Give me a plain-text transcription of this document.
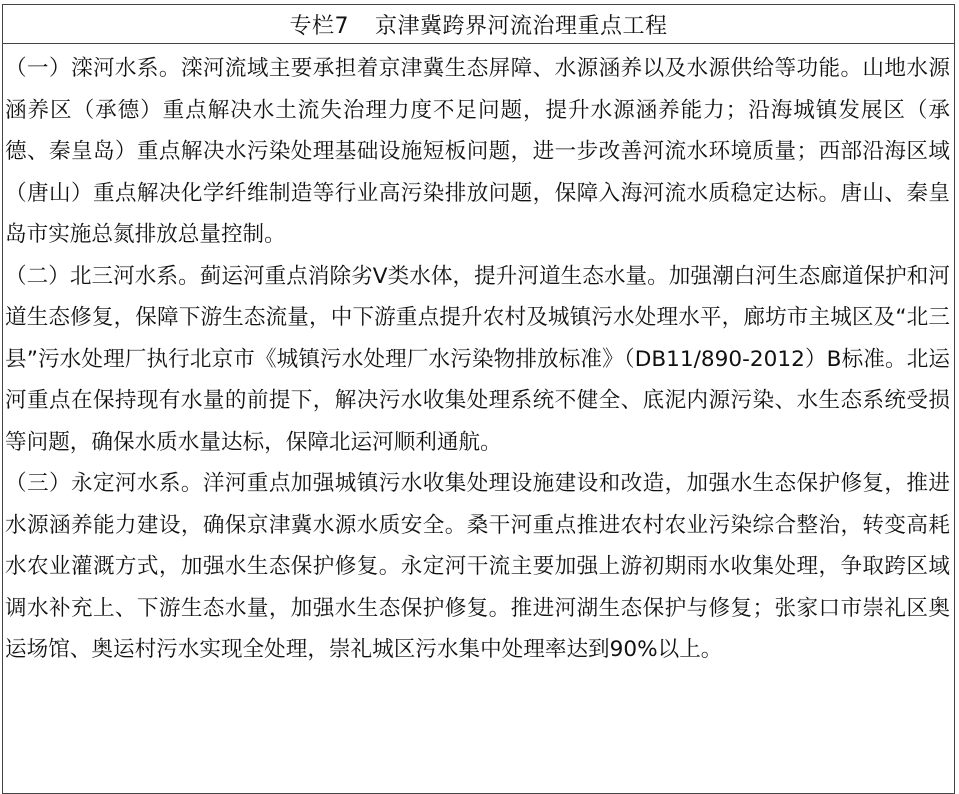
专栏7 京津冀跨界河流治理重点工程

（一）滦河水系。滦河流域主要承担着京津冀生态屏障、水源涵养以及水源供给等功能。山地水源涵养区（承德）重点解决水土流失治理力度不足问题，提升水源涵养能力；沿海城镇发展区（承德、秦皇岛）重点解决水污染处理基础设施短板问题，进一步改善河流水环境质量；西部沿海区域（唐山）重点解决化学纤维制造等行业高污染排放问题，保障入海河流水质稳定达标。唐山、秦皇岛市实施总氮排放总量控制。

（二）北三河水系。蓟运河重点消除劣Ⅴ类水体，提升河道生态水量。加强潮白河生态廊道保护和河道生态修复，保障下游生态流量，中下游重点提升农村及城镇污水处理水平，廊坊市主城区及“北三县”污水处理厂执行北京市《城镇污水处理厂水污染物排放标准》（DB11/890-2012）B标准。北运河重点在保持现有水量的前提下，解决污水收集处理系统不健全、底泥内源污染、水生态系统受损等问题，确保水质水量达标，保障北运河顺利通航。

（三）永定河水系。洋河重点加强城镇污水收集处理设施建设和改造，加强水生态保护修复，推进水源涵养能力建设，确保京津冀水源水质安全。桑干河重点推进农村农业污染综合整治，转变高耗水农业灌溉方式，加强水生态保护修复。永定河干流主要加强上游初期雨水收集处理，争取跨区域调水补充上、下游生态水量，加强水生态保护修复。推进河湖生态保护与修复；张家口市崇礼区奥运场馆、奥运村污水实现全处理，崇礼城区污水集中处理率达到90%以上。
